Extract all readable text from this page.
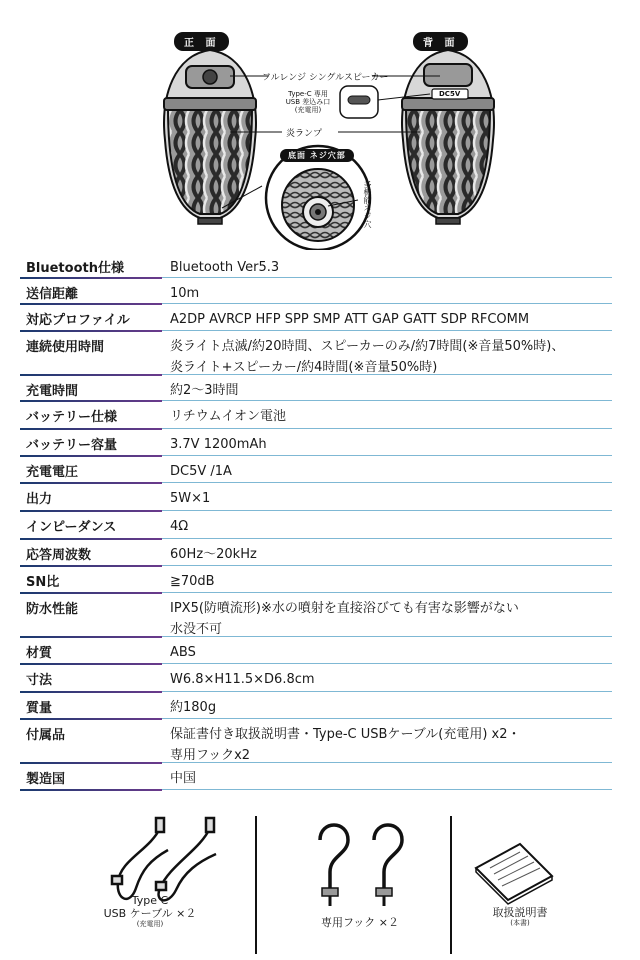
正 面	背 面
フルレンジ シングルスピーカー
Type-C 専用
USB 差込み口
(充電用)
炎ランプ
底面 ネジ穴部
多機能ネジ穴
DC5V
Bluetooth仕様	Bluetooth Ver5.3
送信距離	10m
対応プロファイル	A2DP AVRCP HFP SPP SMP ATT GAP GATT SDP RFCOMM
連続使用時間	炎ライト点滅/約20時間、スピーカーのみ/約7時間(※音量50%時)、
炎ライト+スピーカー/約4時間(※音量50%時)
充電時間	約2〜3時間
バッテリー仕様	リチウムイオン電池
バッテリー容量	3.7V 1200mAh
充電電圧	DC5V /1A
出力	5W×1
インピーダンス	4Ω
応答周波数	60Hz〜20kHz
SN比	≧70dB
防水性能	IPX5(防噴流形)※水の噴射を直接浴びても有害な影響がない
水没不可
材質	ABS
寸法	W6.8×H11.5×D6.8cm
質量	約180g
付属品	保証書付き取扱説明書・Type-C USBケーブル(充電用) x2・
専用フックx2
製造国	中国
Type C
USB ケーブル ×２
(充電用)	専用フック ×２
取扱説明書
(本書)
